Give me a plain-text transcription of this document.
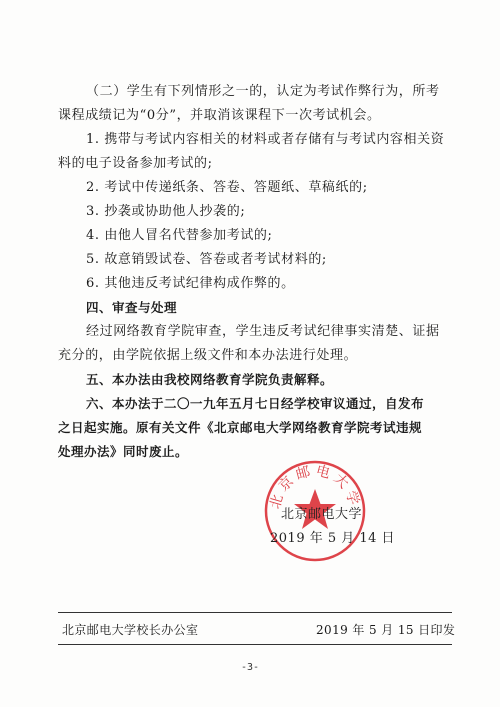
（二）学生有下列情形之一的，认定为考试作弊行为，所考
课程成绩记为“0分”，并取消该课程下一次考试机会。
1. 携带与考试内容相关的材料或者存储有与考试内容相关资
料的电子设备参加考试的;
2. 考试中传递纸条、答卷、答题纸、草稿纸的;
3. 抄袭或协助他人抄袭的;
4. 由他人冒名代替参加考试的;
5. 故意销毁试卷、答卷或者考试材料的;
6. 其他违反考试纪律构成作弊的。
四、审查与处理
经过网络教育学院审查，学生违反考试纪律事实清楚、证据
充分的，由学院依据上级文件和本办法进行处理。
五、本办法由我校网络教育学院负责解释。
六、本办法于二〇一九年五月七日经学校审议通过，自发布
之日起实施。原有关文件《北京邮电大学网络教育学院考试违规
处理办法》同时废止。
北京邮电大学
北京邮电大学
2019 年 5 月 14 日
北京邮电大学校长办公室	2019 年 5 月 15 日印发
-3-
